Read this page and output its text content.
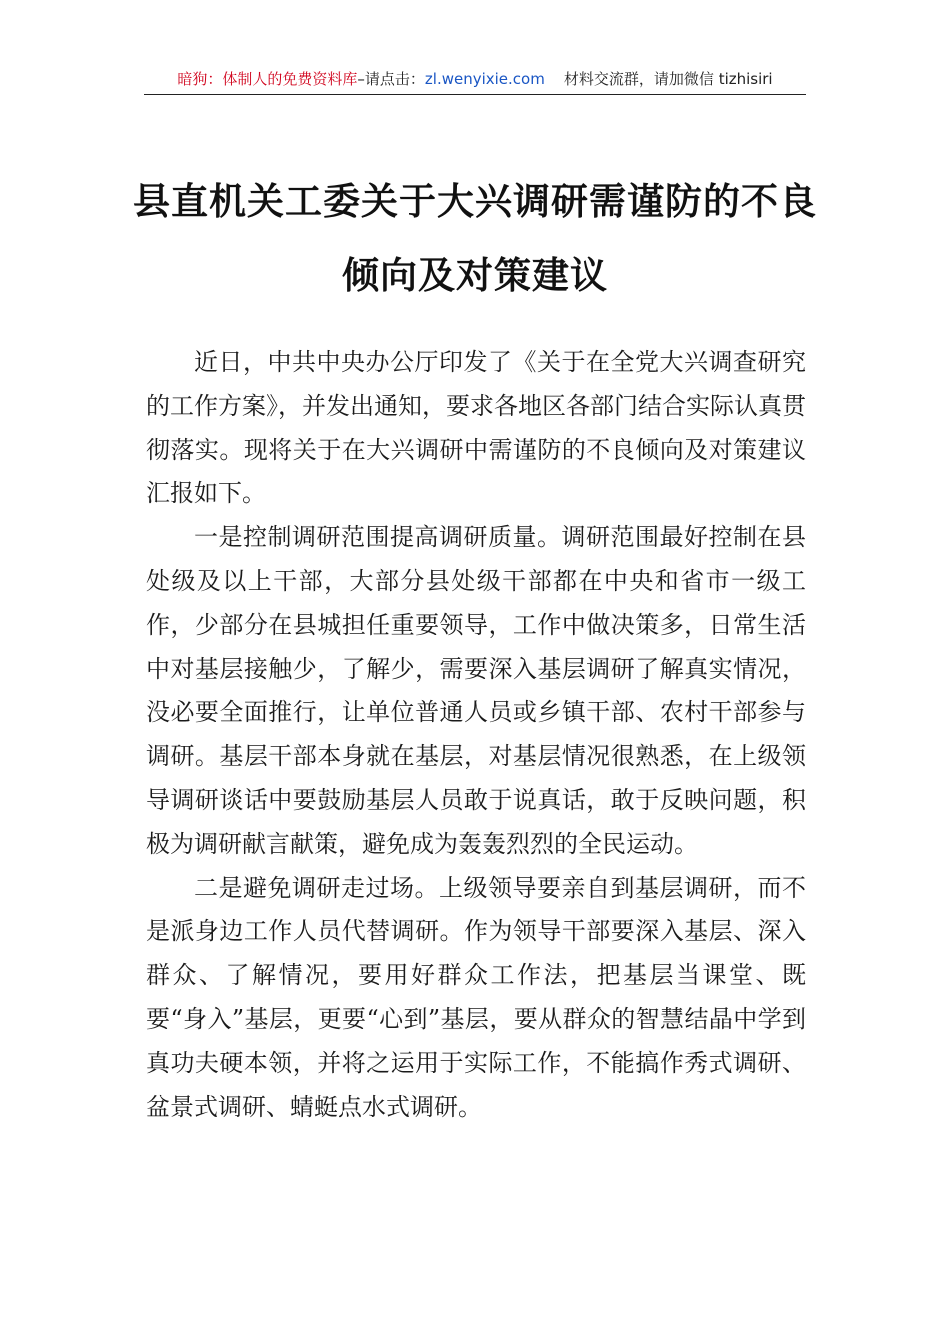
暗狗：体制人的免费资料库–请点击：zl.wenyixie.com 材料交流群，请加微信 tizhisiri
县直机关工委关于大兴调研需谨防的不良
倾向及对策建议

近日，中共中央办公厅印发了《关于在全党大兴调查研究的工作方案》，并发出通知，要求各地区各部门结合实际认真贯彻落实。现将关于在大兴调研中需谨防的不良倾向及对策建议汇报如下。

一是控制调研范围提高调研质量。调研范围最好控制在县处级及以上干部，大部分县处级干部都在中央和省市一级工作，少部分在县城担任重要领导，工作中做决策多，日常生活中对基层接触少，了解少，需要深入基层调研了解真实情况，没必要全面推行，让单位普通人员或乡镇干部、农村干部参与调研。基层干部本身就在基层，对基层情况很熟悉，在上级领导调研谈话中要鼓励基层人员敢于说真话，敢于反映问题，积极为调研献言献策，避免成为轰轰烈烈的全民运动。

二是避免调研走过场。上级领导要亲自到基层调研，而不是派身边工作人员代替调研。作为领导干部要深入基层、深入群众、了解情况，要用好群众工作法，把基层当课堂、既要“身入”基层，更要“心到”基层，要从群众的智慧结晶中学到真功夫硬本领，并将之运用于实际工作，不能搞作秀式调研、盆景式调研、蜻蜓点水式调研。
